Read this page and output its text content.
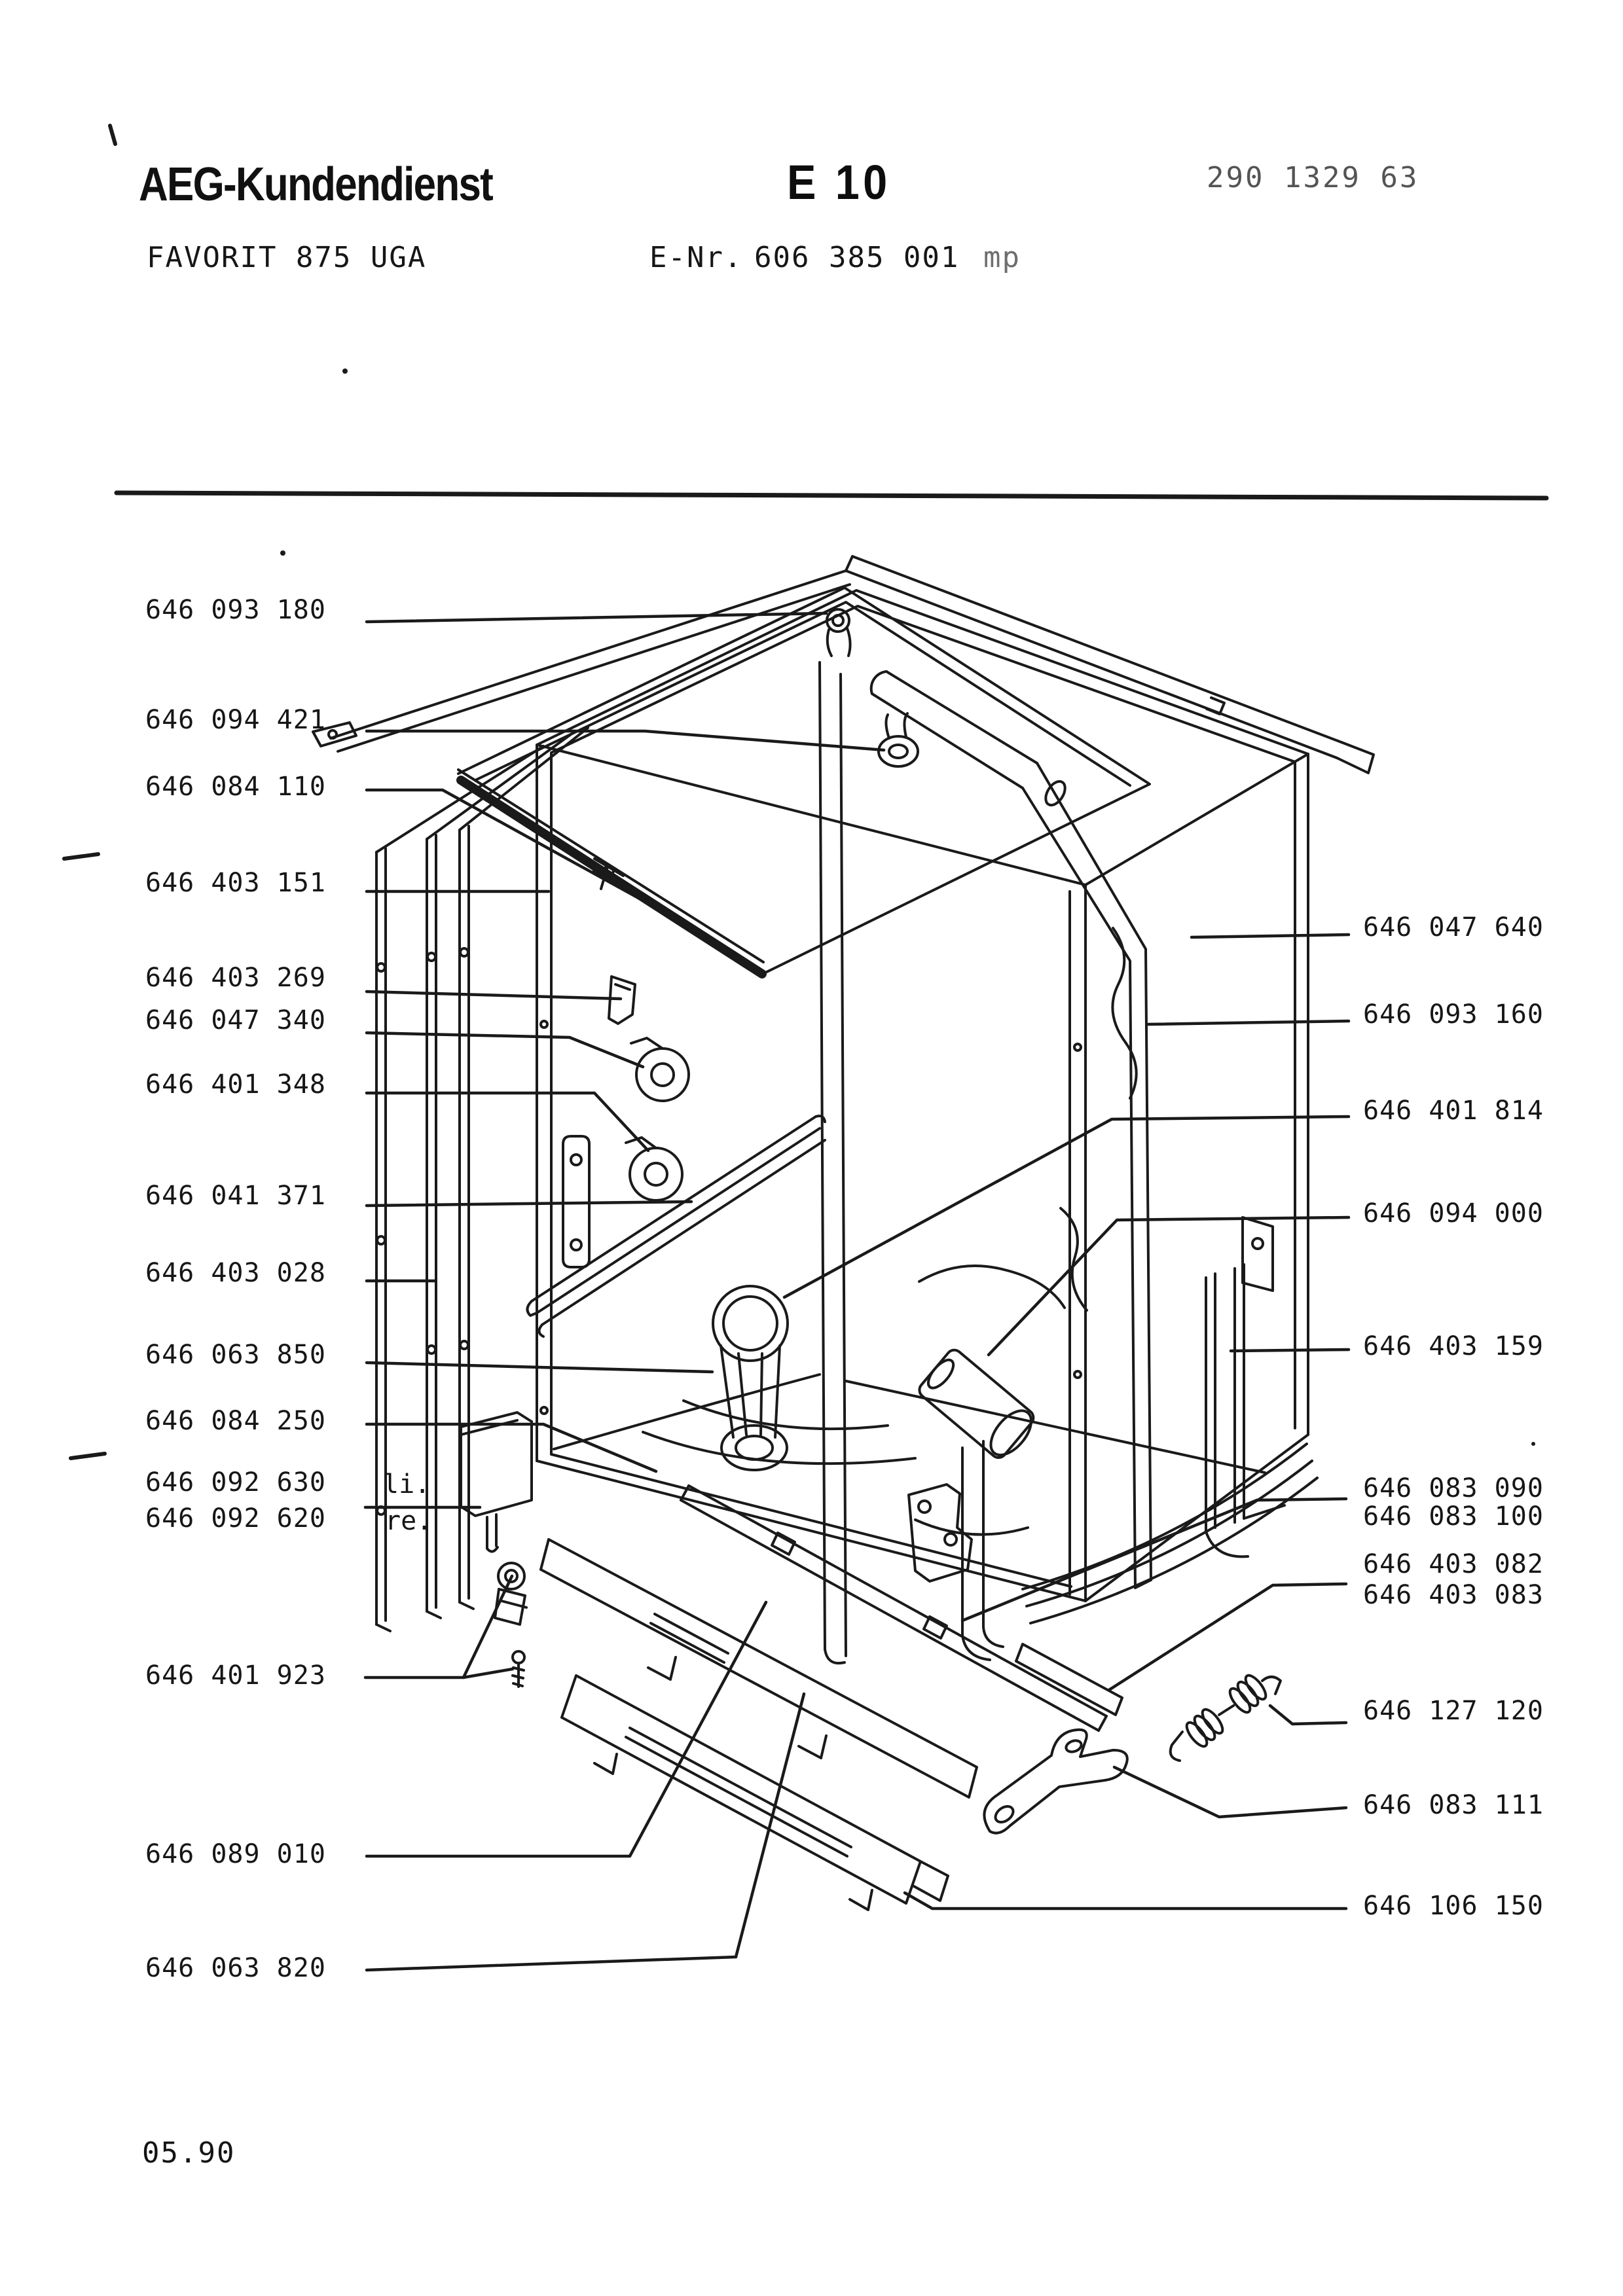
AEG-Kundendienst	E 10	290 1329 63
FAVORIT 875 UGA	E-Nr. 606 385 001 mp
646 093 180
646 094 421
646 084 110
646 403 151
646 403 269
646 047 340
646 401 348
646 041 371
646 403 028
646 063 850
646 084 250
646 092 630
646 092 620
646 401 923
646 089 010
646 063 820
li.
re.
646 047 640
646 093 160
646 401 814
646 094 000
646 403 159
646 083 090
646 083 100
646 403 082
646 403 083
646 127 120
646 083 111
646 106 150
05.90
